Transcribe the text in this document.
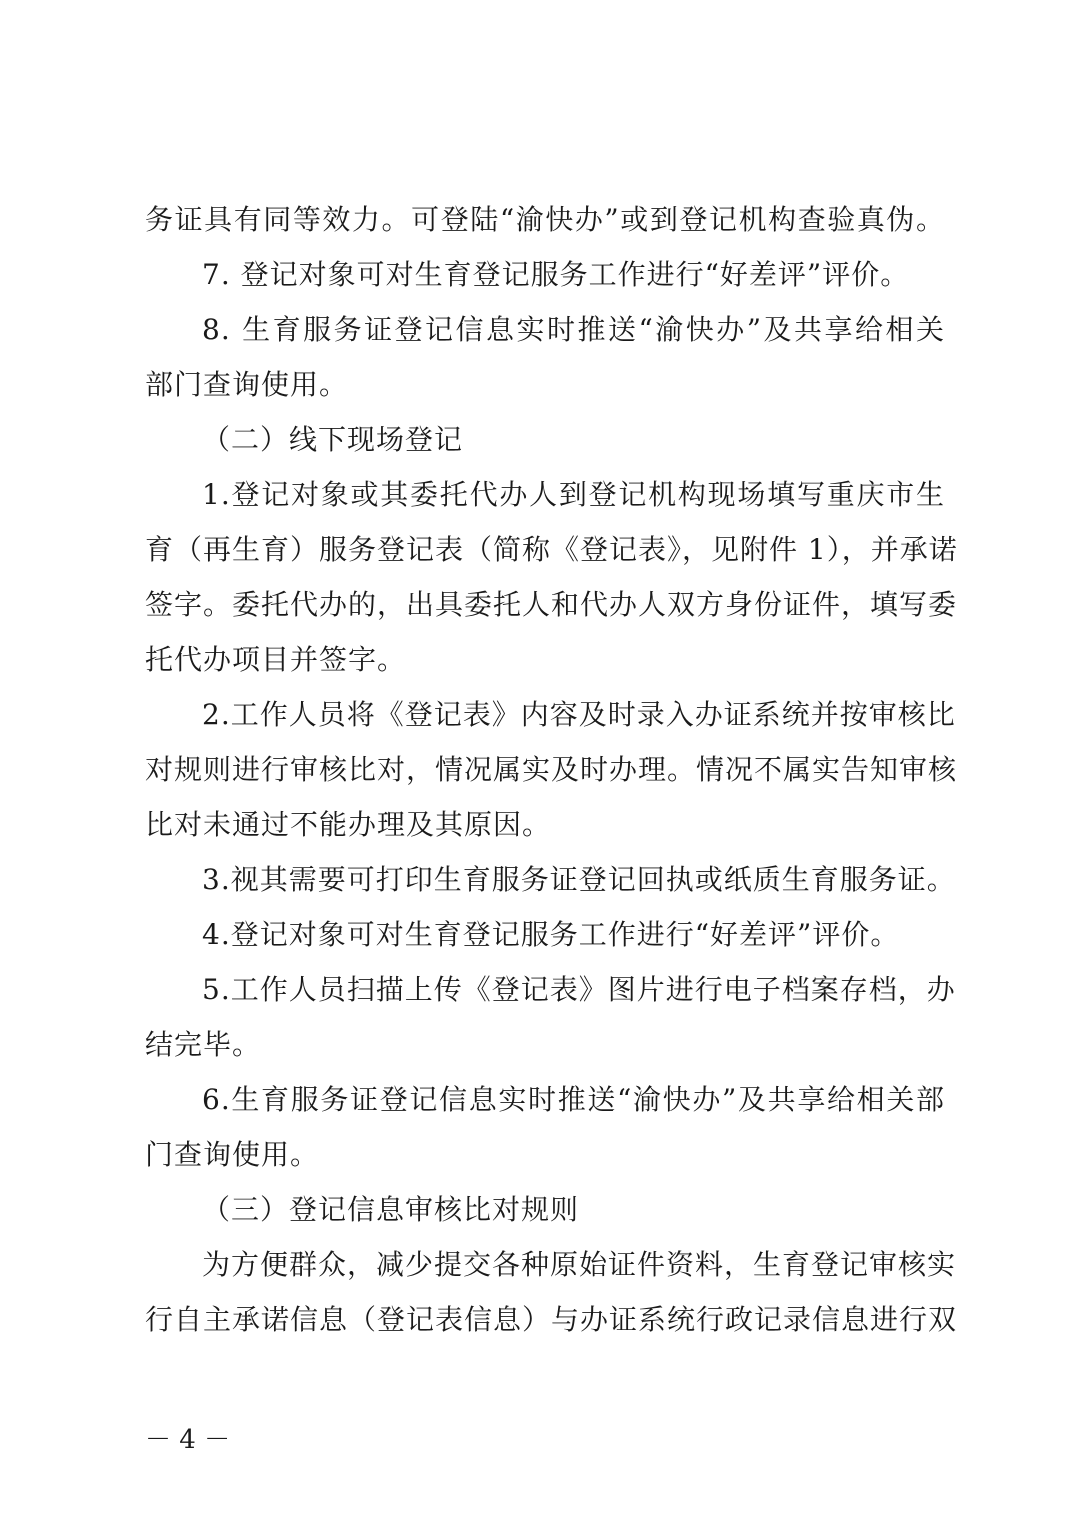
务证具有同等效力。可登陆“渝快办”或到登记机构查验真伪。
7. 登记对象可对生育登记服务工作进行“好差评”评价。
8. 生育服务证登记信息实时推送“渝快办”及共享给相关
部门查询使用。
（二）线下现场登记
1.登记对象或其委托代办人到登记机构现场填写重庆市生
育（再生育）服务登记表（简称《登记表》，见附件 1），并承诺
签字。委托代办的，出具委托人和代办人双方身份证件，填写委
托代办项目并签字。
2.工作人员将《登记表》内容及时录入办证系统并按审核比
对规则进行审核比对，情况属实及时办理。情况不属实告知审核
比对未通过不能办理及其原因。
3.视其需要可打印生育服务证登记回执或纸质生育服务证。
4.登记对象可对生育登记服务工作进行“好差评”评价。
5.工作人员扫描上传《登记表》图片进行电子档案存档，办
结完毕。
6.生育服务证登记信息实时推送“渝快办”及共享给相关部
门查询使用。
（三）登记信息审核比对规则
为方便群众，减少提交各种原始证件资料，生育登记审核实
行自主承诺信息（登记表信息）与办证系统行政记录信息进行双
－ 4 －
